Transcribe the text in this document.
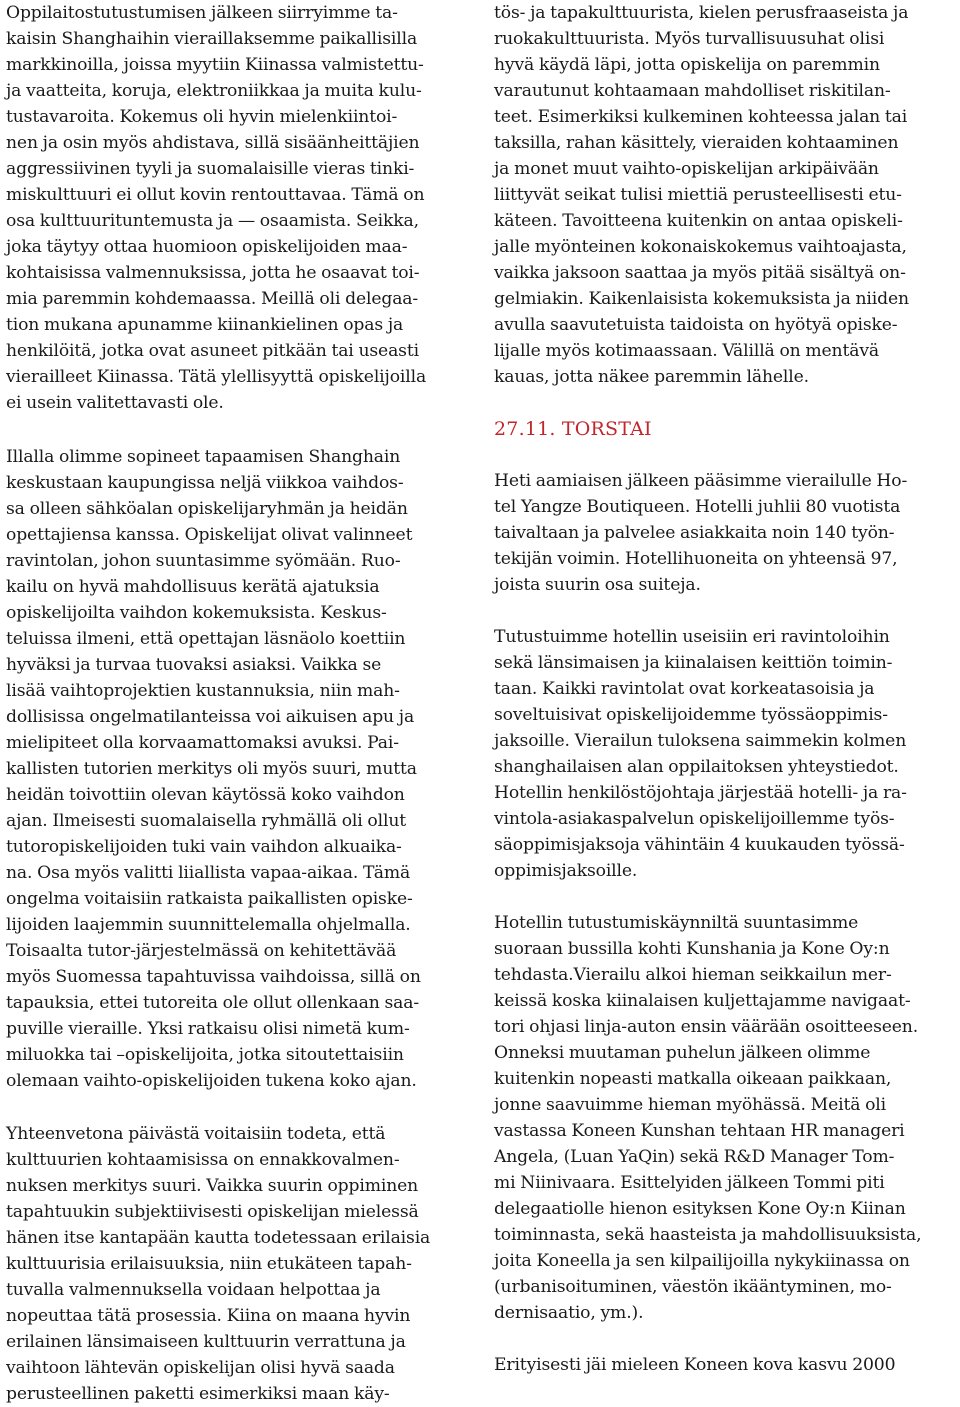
Oppilaitostutustumisen jälkeen siirryimme ta-
kaisin Shanghaihin vieraillaksemme paikallisilla
markkinoilla, joissa myytiin Kiinassa valmistettu-
ja vaatteita, koruja, elektroniikkaa ja muita kulu-
tustavaroita. Kokemus oli hyvin mielenkiintoi-
nen ja osin myös ahdistava, sillä sisäänheittäjien
aggressiivinen tyyli ja suomalaisille vieras tinki-
miskulttuuri ei ollut kovin rentouttavaa. Tämä on
osa kulttuurituntemusta ja — osaamista. Seikka,
joka täytyy ottaa huomioon opiskelijoiden maa-
kohtaisissa valmennuksissa, jotta he osaavat toi-
mia paremmin kohdemaassa. Meillä oli delegaa-
tion mukana apunamme kiinankielinen opas ja
henkilöitä, jotka ovat asuneet pitkään tai useasti
vierailleet Kiinassa. Tätä ylellisyyttä opiskelijoilla
ei usein valitettavasti ole.

Illalla olimme sopineet tapaamisen Shanghain
keskustaan kaupungissa neljä viikkoa vaihdos-
sa olleen sähköalan opiskelijaryhmän ja heidän
opettajiensa kanssa. Opiskelijat olivat valinneet
ravintolan, johon suuntasimme syömään. Ruo-
kailu on hyvä mahdollisuus kerätä ajatuksia
opiskelijoilta vaihdon kokemuksista. Keskus-
teluissa ilmeni, että opettajan läsnäolo koettiin
hyväksi ja turvaa tuovaksi asiaksi. Vaikka se
lisää vaihtoprojektien kustannuksia, niin mah-
dollisissa ongelmatilanteissa voi aikuisen apu ja
mielipiteet olla korvaamattomaksi avuksi. Pai-
kallisten tutorien merkitys oli myös suuri, mutta
heidän toivottiin olevan käytössä koko vaihdon
ajan. Ilmeisesti suomalaisella ryhmällä oli ollut
tutoropiskelijoiden tuki vain vaihdon alkuaika-
na. Osa myös valitti liiallista vapaa-aikaa. Tämä
ongelma voitaisiin ratkaista paikallisten opiske-
lijoiden laajemmin suunnittelemalla ohjelmalla.
Toisaalta tutor-järjestelmässä on kehitettävää
myös Suomessa tapahtuvissa vaihdoissa, sillä on
tapauksia, ettei tutoreita ole ollut ollenkaan saa-
puville vieraille. Yksi ratkaisu olisi nimetä kum-
miluokka tai –opiskelijoita, jotka sitoutettaisiin
olemaan vaihto-opiskelijoiden tukena koko ajan.

Yhteenvetona päivästä voitaisiin todeta, että
kulttuurien kohtaamisissa on ennakkovalmen-
nuksen merkitys suuri. Vaikka suurin oppiminen
tapahtuukin subjektiivisesti opiskelijan mielessä
hänen itse kantapään kautta todetessaan erilaisia
kulttuurisia erilaisuuksia, niin etukäteen tapah-
tuvalla valmennuksella voidaan helpottaa ja
nopeuttaa tätä prosessia. Kiina on maana hyvin
erilainen länsimaiseen kulttuurin verrattuna ja
vaihtoon lähtevän opiskelijan olisi hyvä saada
perusteellinen paketti esimerkiksi maan käy-

tös- ja tapakulttuurista, kielen perusfraaseista ja
ruokakulttuurista. Myös turvallisuusuhat olisi
hyvä käydä läpi, jotta opiskelija on paremmin
varautunut kohtaamaan mahdolliset riskitilan-
teet. Esimerkiksi kulkeminen kohteessa jalan tai
taksilla, rahan käsittely, vieraiden kohtaaminen
ja monet muut vaihto-opiskelijan arkipäivään
liittyvät seikat tulisi miettiä perusteellisesti etu-
käteen. Tavoitteena kuitenkin on antaa opiskeli-
jalle myönteinen kokonaiskokemus vaihtoajasta,
vaikka jaksoon saattaa ja myös pitää sisältyä on-
gelmiakin. Kaikenlaisista kokemuksista ja niiden
avulla saavutetuista taidoista on hyötyä opiske-
lijalle myös kotimaassaan. Välillä on mentävä
kauas, jotta näkee paremmin lähelle.

27.11. TORSTAI

Heti aamiaisen jälkeen pääsimme vierailulle Ho-
tel Yangze Boutiqueen. Hotelli juhlii 80 vuotista
taivaltaan ja palvelee asiakkaita noin 140 työn-
tekijän voimin. Hotellihuoneita on yhteensä 97,
joista suurin osa suiteja.

Tutustuimme hotellin useisiin eri ravintoloihin
sekä länsimaisen ja kiinalaisen keittiön toimin-
taan. Kaikki ravintolat ovat korkeatasoisia ja
soveltuisivat opiskelijoidemme työssäoppimis-
jaksoille. Vierailun tuloksena saimmekin kolmen
shanghailaisen alan oppilaitoksen yhteystiedot.
Hotellin henkilöstöjohtaja järjestää hotelli- ja ra-
vintola-asiakaspalvelun opiskelijoillemme työs-
säoppimisjaksoja vähintäin 4 kuukauden työssä-
oppimisjaksoille.

Hotellin tutustumiskäynniltä suuntasimme
suoraan bussilla kohti Kunshania ja Kone Oy:n
tehdasta.Vierailu alkoi hieman seikkailun mer-
keissä koska kiinalaisen kuljettajamme navigaat-
tori ohjasi linja-auton ensin väärään osoitteeseen.
Onneksi muutaman puhelun jälkeen olimme
kuitenkin nopeasti matkalla oikeaan paikkaan,
jonne saavuimme hieman myöhässä. Meitä oli
vastassa Koneen Kunshan tehtaan HR manageri
Angela, (Luan YaQin) sekä R&D Manager Tom-
mi Niinivaara. Esittelyiden jälkeen Tommi piti
delegaatiolle hienon esityksen Kone Oy:n Kiinan
toiminnasta, sekä haasteista ja mahdollisuuksista,
joita Koneella ja sen kilpailijoilla nykykiinassa on
(urbanisoituminen, väestön ikääntyminen, mo-
dernisaatio, ym.).

Erityisesti jäi mieleen Koneen kova kasvu 2000
